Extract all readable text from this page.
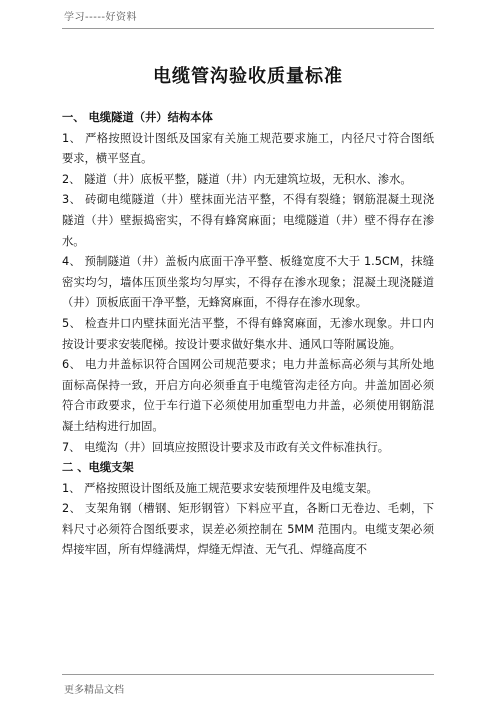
学习-----好资料
电缆管沟验收质量标准

一、 电缆隧道（井）结构本体

1、 严格按照设计图纸及国家有关施工规范要求施工，内径尺寸符合图纸要求，横平竖直。

2、 隧道（井）底板平整，隧道（井）内无建筑垃圾，无积水、渗水。

3、 砖砌电缆隧道（井）壁抹面光洁平整，不得有裂缝；钢筋混凝土现浇隧道（井）壁振捣密实，不得有蜂窝麻面；电缆隧道（井）壁不得存在渗水。

4、 预制隧道（井）盖板内底面干净平整、板缝宽度不大于 1.5CM，抹缝密实均匀，墙体压顶坐浆均匀厚实，不得存在渗水现象；混凝土现浇隧道（井）顶板底面干净平整，无蜂窝麻面，不得存在渗水现象。

5、 检查井口内壁抹面光洁平整，不得有蜂窝麻面，无渗水现象。井口内按设计要求安装爬梯。按设计要求做好集水井、通风口等附属设施。

6、 电力井盖标识符合国网公司规范要求；电力井盖标高必须与其所处地面标高保持一致，开启方向必须垂直于电缆管沟走径方向。井盖加固必须符合市政要求，位于车行道下必须使用加重型电力井盖，必须使用钢筋混凝土结构进行加固。

7、 电缆沟（井）回填应按照设计要求及市政有关文件标准执行。

二 、电缆支架

1、 严格按照设计图纸及施工规范要求安装预埋件及电缆支架。

2、 支架角钢（槽钢、矩形钢管）下料应平直，各断口无卷边、毛刺，下料尺寸必须符合图纸要求，误差必须控制在 5MM 范围内。电缆支架必须焊接牢固，所有焊缝满焊，焊缝无焊渣、无气孔、焊缝高度不

更多精品文档
